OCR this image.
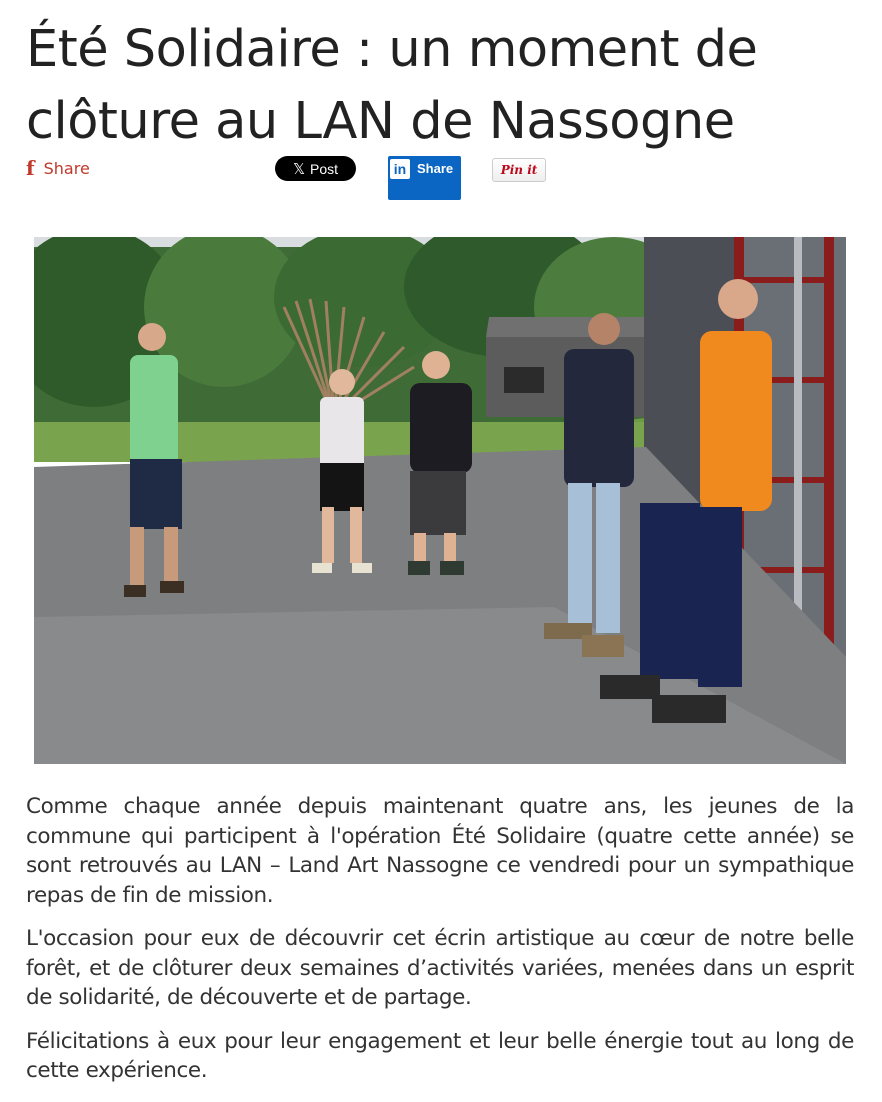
Été Solidaire : un moment de clôture au LAN de Nassogne
f Share	𝕏 Post	in Share	Pin it

Comme chaque année depuis maintenant quatre ans, les jeunes de la commune qui participent à l'opération Été Solidaire (quatre cette année) se sont retrouvés au LAN – Land Art Nassogne ce vendredi pour un sympathique repas de fin de mission.

L'occasion pour eux de découvrir cet écrin artistique au cœur de notre belle forêt, et de clôturer deux semaines d’activités variées, menées dans un esprit de solidarité, de découverte et de partage.

Félicitations à eux pour leur engagement et leur belle énergie tout au long de cette expérience.
